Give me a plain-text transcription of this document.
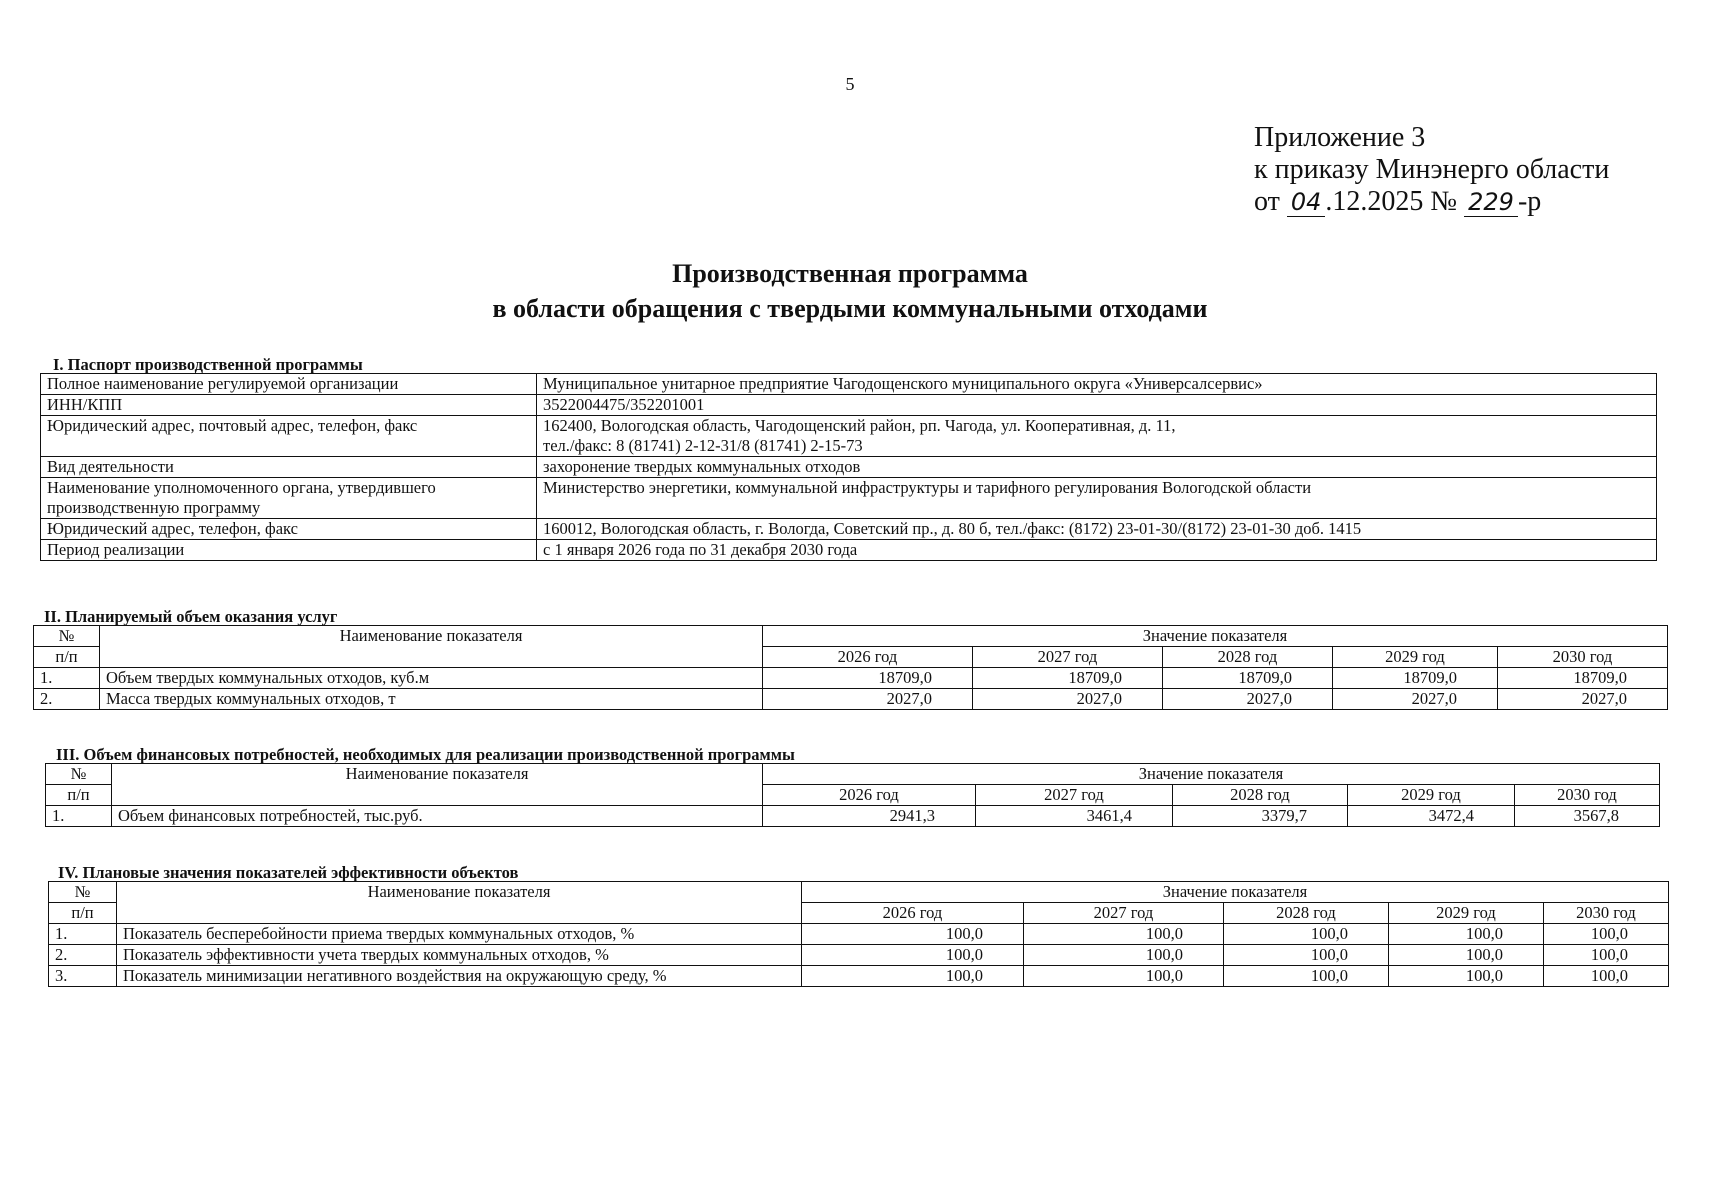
5
Приложение 3
к приказу Минэнерго области
от 04 .12.2025 № 229 -р
Производственная программа
в области обращения с твердыми коммунальными отходами
I. Паспорт производственной программы
Полное наименование регулируемой организации	Муниципальное унитарное предприятие Чагодощенского муниципального округа «Универсалсервис»
ИНН/КПП	3522004475/352201001
Юридический адрес, почтовый адрес, телефон, факс	162400, Вологодская область, Чагодощенский район, рп. Чагода, ул. Кооперативная, д. 11,
тел./факс: 8 (81741) 2-12-31/8 (81741) 2-15-73

Вид деятельности	захоронение твердых коммунальных отходов

Наименование уполномоченного органа, утвердившего
производственную программу	Министерство энергетики, коммунальной инфраструктуры и тарифного регулирования Вологодской области
Юридический адрес, телефон, факс	160012, Вологодская область, г. Вологда, Советский пр., д. 80 б, тел./факс: (8172) 23-01-30/(8172) 23-01-30 доб. 1415
Период реализации	с 1 января 2026 года по 31 декабря 2030 года
II. Планируемый объем оказания услуг
№	Наименование показателя	Значение показателя				
п/п		2026 год	2027 год	2028 год	2029 год	2030 год
1.	Объем твердых коммунальных отходов, куб.м	18709,0	18709,0	18709,0	18709,0	18709,0
2.	Масса твердых коммунальных отходов, т	2027,0	2027,0	2027,0	2027,0	2027,0
III. Объем финансовых потребностей, необходимых для реализации производственной программы
№	Наименование показателя	Значение показателя				
п/п		2026 год	2027 год	2028 год	2029 год	2030 год
1.	Объем финансовых потребностей, тыс.руб.	2941,3	3461,4	3379,7	3472,4	3567,8
IV. Плановые значения показателей эффективности объектов
№	Наименование показателя	Значение показателя				
п/п		2026 год	2027 год	2028 год	2029 год	2030 год
1.	Показатель бесперебойности приема твердых коммунальных отходов, %	100,0	100,0	100,0	100,0	100,0
2.	Показатель эффективности учета твердых коммунальных отходов, %	100,0	100,0	100,0	100,0	100,0
3.	Показатель минимизации негативного воздействия на окружающую среду, %	100,0	100,0	100,0	100,0	100,0
